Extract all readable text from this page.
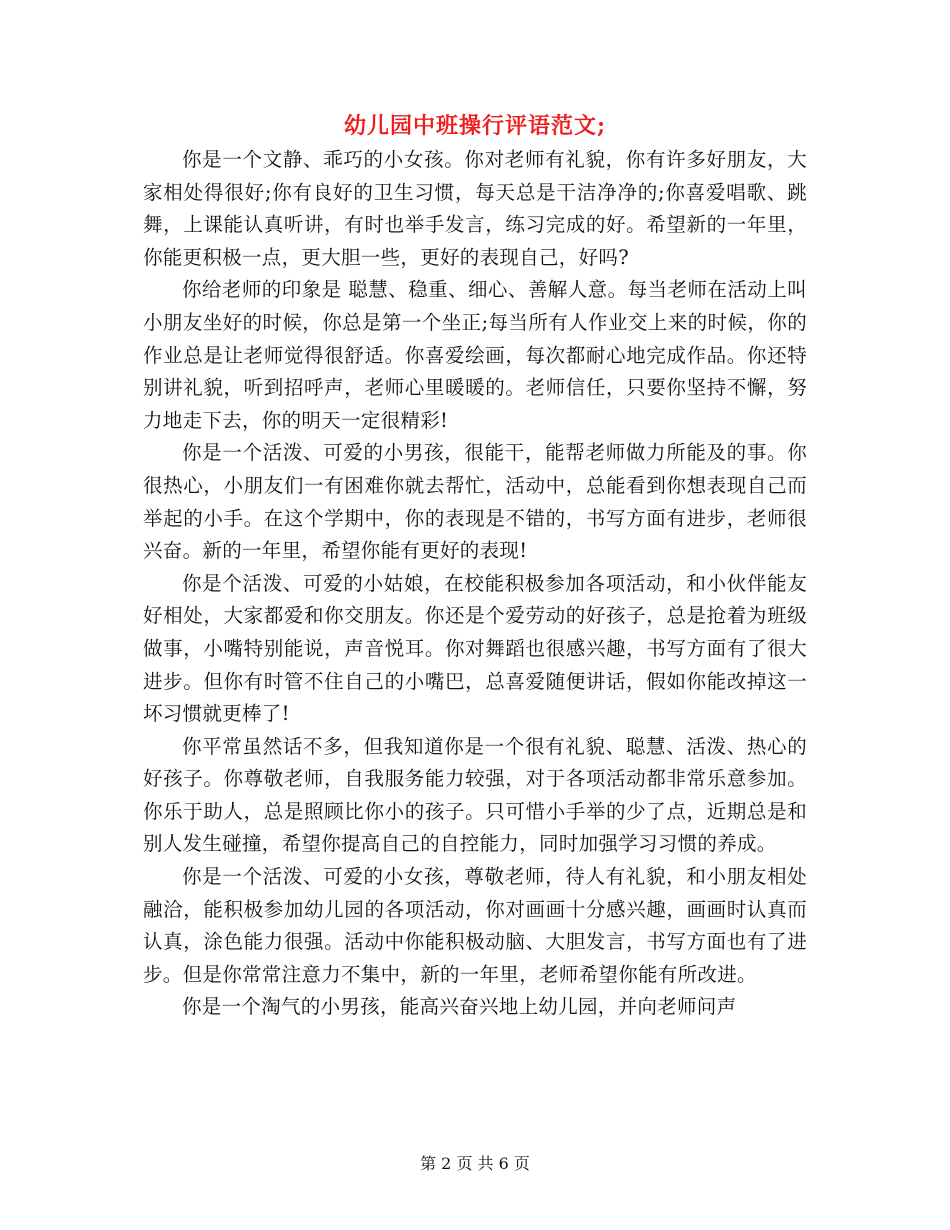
幼儿园中班操行评语范文;

你是一个文静、乖巧的小女孩。你对老师有礼貌，你有许多好朋友，大家相处得很好;你有良好的卫生习惯，每天总是干洁净净的;你喜爱唱歌、跳舞，上课能认真听讲，有时也举手发言，练习完成的好。希望新的一年里，你能更积极一点，更大胆一些，更好的表现自己，好吗?

你给老师的印象是 聪慧、稳重、细心、善解人意。每当老师在活动上叫小朋友坐好的时候，你总是第一个坐正;每当所有人作业交上来的时候，你的作业总是让老师觉得很舒适。你喜爱绘画，每次都耐心地完成作品。你还特别讲礼貌，听到招呼声，老师心里暖暖的。老师信任，只要你坚持不懈，努力地走下去，你的明天一定很精彩!

你是一个活泼、可爱的小男孩，很能干，能帮老师做力所能及的事。你很热心，小朋友们一有困难你就去帮忙，活动中，总能看到你想表现自己而举起的小手。在这个学期中，你的表现是不错的，书写方面有进步，老师很兴奋。新的一年里，希望你能有更好的表现!

你是个活泼、可爱的小姑娘，在校能积极参加各项活动，和小伙伴能友好相处，大家都爱和你交朋友。你还是个爱劳动的好孩子，总是抢着为班级做事，小嘴特别能说，声音悦耳。你对舞蹈也很感兴趣，书写方面有了很大进步。但你有时管不住自己的小嘴巴，总喜爱随便讲话，假如你能改掉这一坏习惯就更棒了!

你平常虽然话不多，但我知道你是一个很有礼貌、聪慧、活泼、热心的好孩子。你尊敬老师，自我服务能力较强，对于各项活动都非常乐意参加。你乐于助人，总是照顾比你小的孩子。只可惜小手举的少了点，近期总是和别人发生碰撞，希望你提高自己的自控能力，同时加强学习习惯的养成。

你是一个活泼、可爱的小女孩，尊敬老师，待人有礼貌，和小朋友相处融洽，能积极参加幼儿园的各项活动，你对画画十分感兴趣，画画时认真而认真，涂色能力很强。活动中你能积极动脑、大胆发言，书写方面也有了进步。但是你常常注意力不集中，新的一年里，老师希望你能有所改进。

你是一个淘气的小男孩，能高兴奋兴地上幼儿园，并向老师问声

第 2 页 共 6 页
